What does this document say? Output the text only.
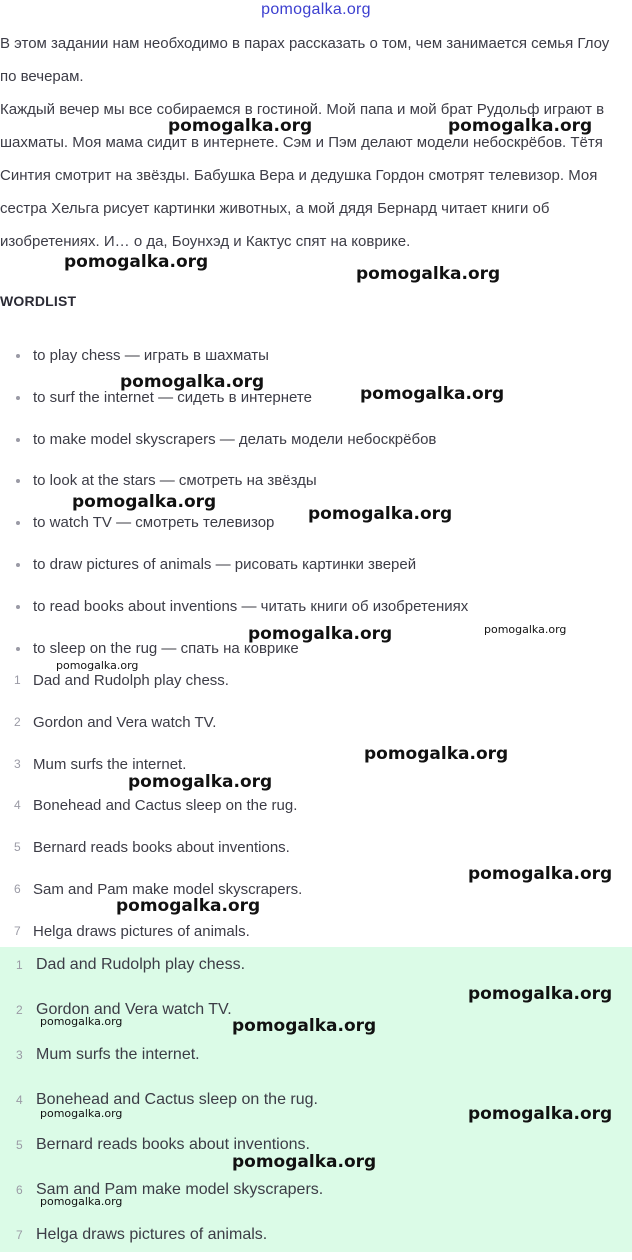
pomogalka.org

В этом задании нам необходимо в парах рассказать о том, чем занимается семья Глоу по вечерам.

Каждый вечер мы все собираемся в гостиной. Мой папа и мой брат Рудольф играют в шахматы. Моя мама сидит в интернете. Сэм и Пэм делают модели небоскрёбов. Тётя Синтия смотрит на звёзды. Бабушка Вера и дедушка Гордон смотрят телевизор. Моя сестра Хельга рисует картинки животных, а мой дядя Бернард читает книги об изобретениях. И… о да, Боунхэд и Кактус спят на коврике.

WORDLIST
to play chess — играть в шахматы
to surf the internet — сидеть в интернете
to make model skyscrapers — делать модели небоскрёбов
to look at the stars — смотреть на звёзды
to watch TV — смотреть телевизор
to draw pictures of animals — рисовать картинки зверей
to read books about inventions — читать книги об изобретениях
to sleep on the rug — спать на коврике
1 Dad and Rudolph play chess.
2 Gordon and Vera watch TV.
3 Mum surfs the internet.
4 Bonehead and Cactus sleep on the rug.
5 Bernard reads books about inventions.
6 Sam and Pam make model skyscrapers.
7 Helga draws pictures of animals.
1 Dad and Rudolph play chess.
2 Gordon and Vera watch TV.
3 Mum surfs the internet.
4 Bonehead and Cactus sleep on the rug.
5 Bernard reads books about inventions.
6 Sam and Pam make model skyscrapers.
7 Helga draws pictures of animals.
pomogalka.org	pomogalka.org
pomogalka.org
pomogalka.org
pomogalka.org
pomogalka.org
pomogalka.org
pomogalka.org
pomogalka.org	pomogalka.org
pomogalka.org
pomogalka.org
pomogalka.org
pomogalka.org
pomogalka.org
pomogalka.org
pomogalka.org	pomogalka.org
pomogalka.org
pomogalka.org
pomogalka.org
pomogalka.org
